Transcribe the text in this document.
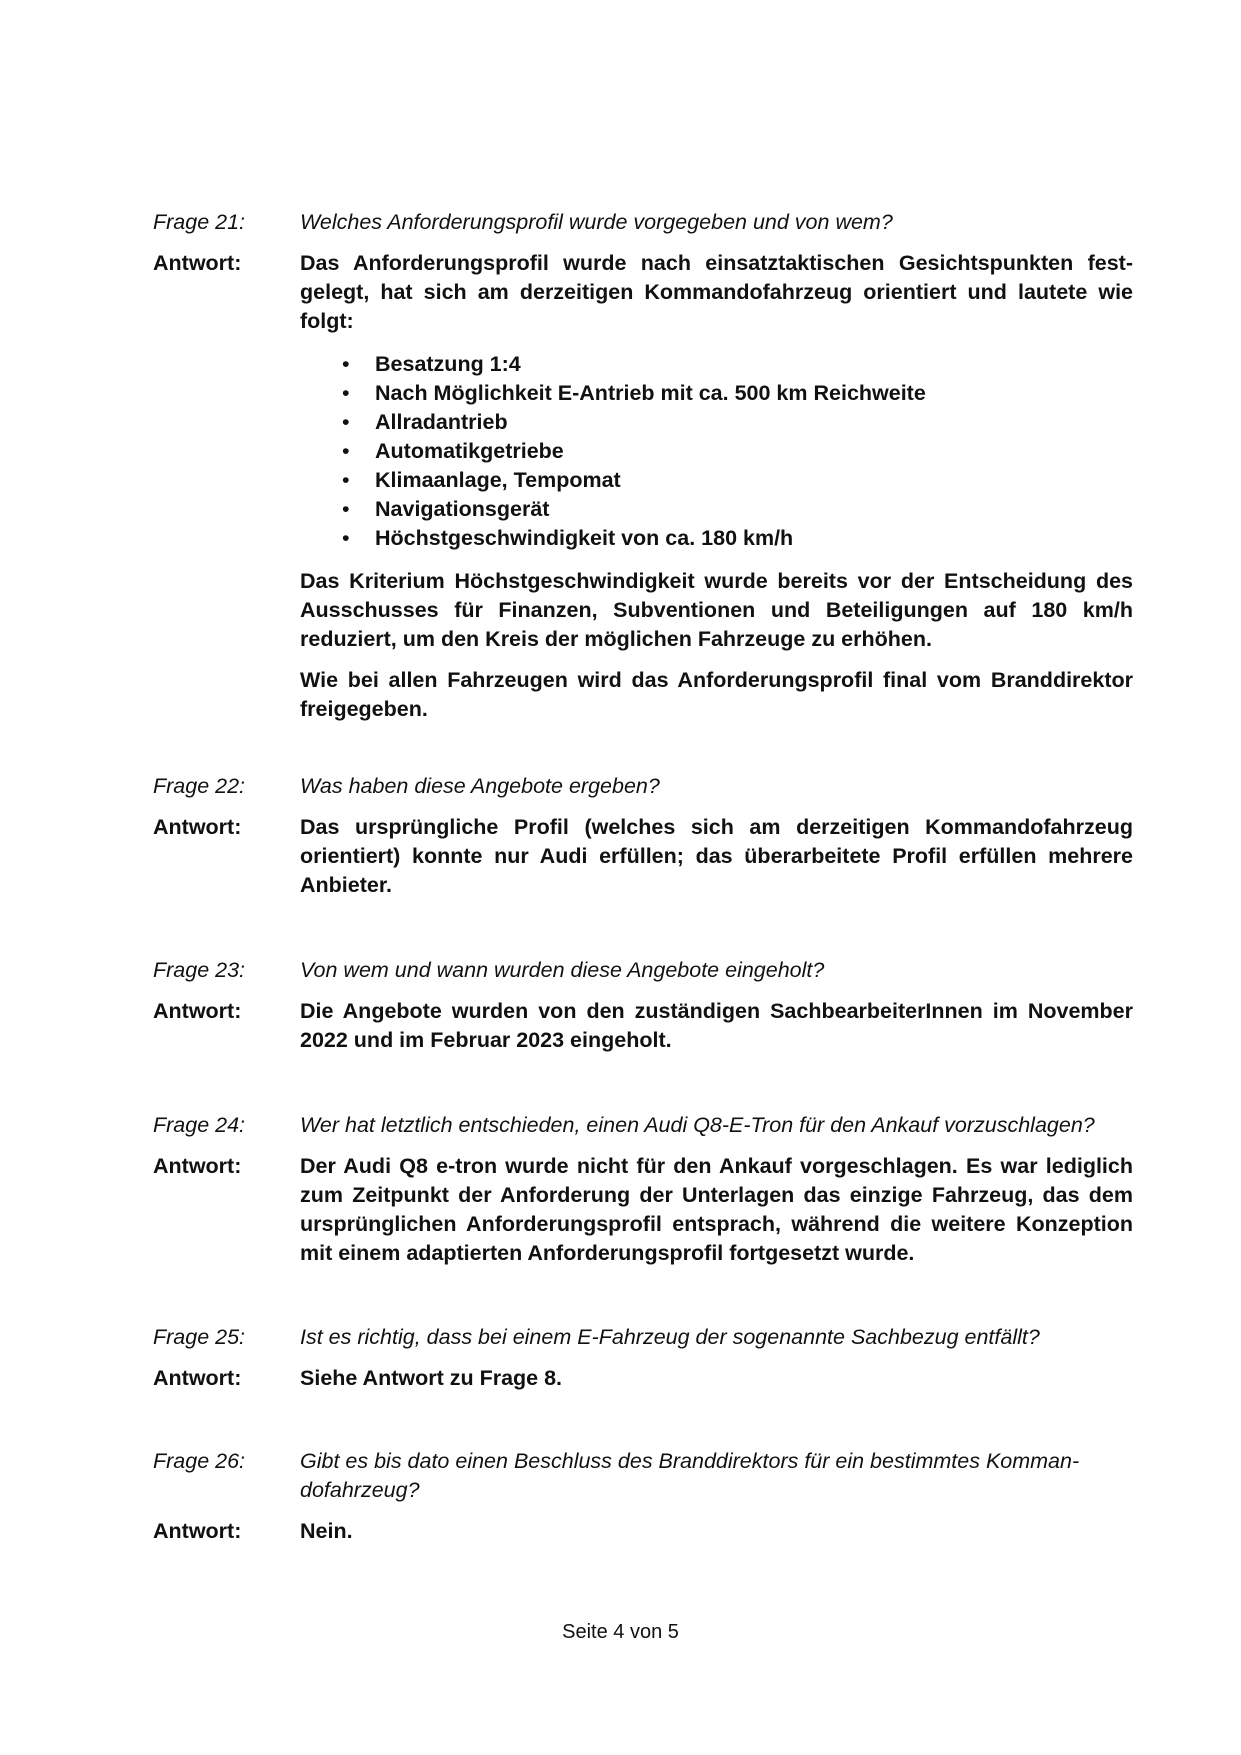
Frage 21:	Welches Anforderungsprofil wurde vorgegeben und von wem?
Antwort:	Das Anforderungsprofil wurde nach einsatztaktischen Gesichtspunkten festgelegt, hat sich am derzeitigen Kommandofahrzeug orientiert und lautete wie folgt:

• Besatzung 1:4
• Nach Möglichkeit E-Antrieb mit ca. 500 km Reichweite
• Allradantrieb
• Automatikgetriebe
• Klimaanlage, Tempomat
• Navigationsgerät
• Höchstgeschwindigkeit von ca. 180 km/h

Das Kriterium Höchstgeschwindigkeit wurde bereits vor der Entscheidung des Ausschusses für Finanzen, Subventionen und Beteiligungen auf 180 km/h reduziert, um den Kreis der möglichen Fahrzeuge zu erhöhen.

Wie bei allen Fahrzeugen wird das Anforderungsprofil final vom Branddirektor freigegeben.

Frage 22:	Was haben diese Angebote ergeben?
Antwort:	Das ursprüngliche Profil (welches sich am derzeitigen Kommandofahrzeug orientiert) konnte nur Audi erfüllen; das überarbeitete Profil erfüllen mehrere Anbieter.
Frage 23:	Von wem und wann wurden diese Angebote eingeholt?
Antwort:	Die Angebote wurden von den zuständigen SachbearbeiterInnen im November 2022 und im Februar 2023 eingeholt.
Frage 24:	Wer hat letztlich entschieden, einen Audi Q8-E-Tron für den Ankauf vorzuschlagen?
Antwort:	Der Audi Q8 e-tron wurde nicht für den Ankauf vorgeschlagen. Es war lediglich zum Zeitpunkt der Anforderung der Unterlagen das einzige Fahrzeug, das dem ursprünglichen Anforderungsprofil entsprach, während die weitere Konzeption mit einem adaptierten Anforderungsprofil fortgesetzt wurde.
Frage 25:	Ist es richtig, dass bei einem E-Fahrzeug der sogenannte Sachbezug entfällt?
Antwort:	Siehe Antwort zu Frage 8.
Frage 26:	Gibt es bis dato einen Beschluss des Branddirektors für ein bestimmtes Kommandofahrzeug?
Antwort:	Nein.
Seite 4 von 5
